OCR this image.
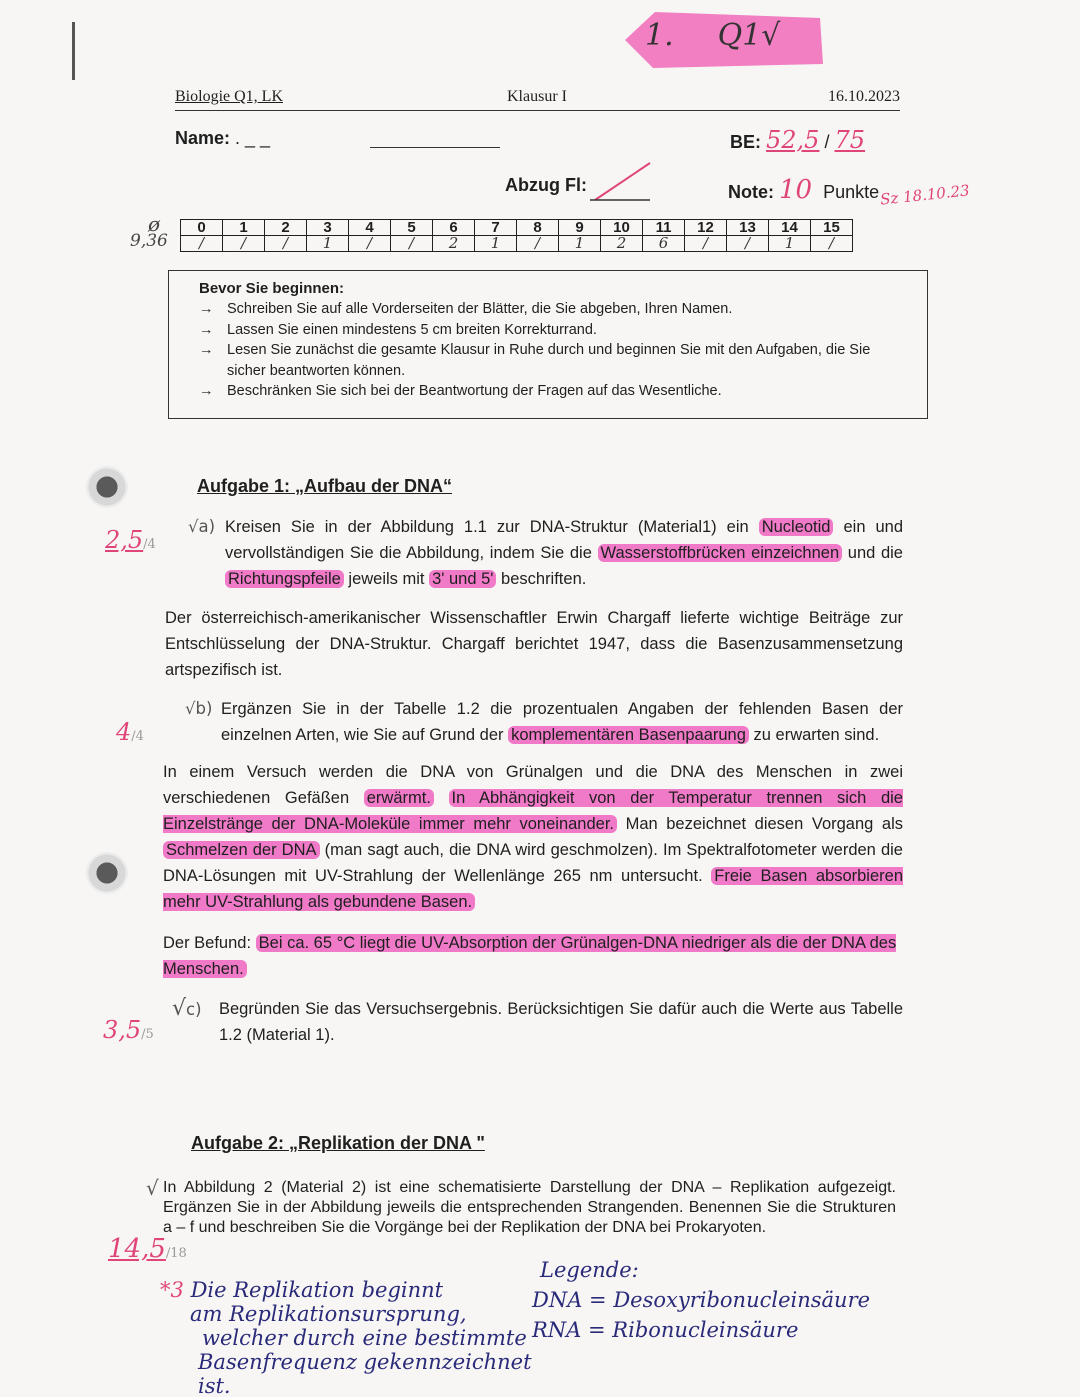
1. Q1√
Biologie Q1, LK	Klausur I	16.10.2023
Name: . _ _	BE: 52,5 / 75
Abzug Fl:	Note: 10 Punkte Sz 18.10.23
ø
9,36
0	1	2	3	4	5	6	7	8	9	10	11	12	13	14	15
/	/	/	1	/	/	2	1	/	1	2	6	/	/	1	/
Bevor Sie beginnen:
→ Schreiben Sie auf alle Vorderseiten der Blätter, die Sie abgeben, Ihren Namen.
→ Lassen Sie einen mindestens 5 cm breiten Korrekturrand.
→ Lesen Sie zunächst die gesamte Klausur in Ruhe durch und beginnen Sie mit den Aufgaben, die Sie sicher beantworten können.
→ Beschränken Sie sich bei der Beantwortung der Fragen auf das Wesentliche.
Aufgabe 1: „Aufbau der DNA“
2,5/4
√a) Kreisen Sie in der Abbildung 1.1 zur DNA-Struktur (Material1) ein Nucleotid ein und vervollständigen Sie die Abbildung, indem Sie die Wasserstoffbrücken einzeichnen und die Richtungspfeile jeweils mit 3' und 5' beschriften.
Der österreichisch-amerikanischer Wissenschaftler Erwin Chargaff lieferte wichtige Beiträge zur Entschlüsselung der DNA-Struktur. Chargaff berichtet 1947, dass die Basenzusammensetzung artspezifisch ist.
4/4
√b) Ergänzen Sie in der Tabelle 1.2 die prozentualen Angaben der fehlenden Basen der einzelnen Arten, wie Sie auf Grund der komplementären Basenpaarung zu erwarten sind.
In einem Versuch werden die DNA von Grünalgen und die DNA des Menschen in zwei verschiedenen Gefäßen erwärmt. In Abhängigkeit von der Temperatur trennen sich die Einzelstränge der DNA-Moleküle immer mehr voneinander. Man bezeichnet diesen Vorgang als Schmelzen der DNA (man sagt auch, die DNA wird geschmolzen). Im Spektralfotometer werden die DNA-Lösungen mit UV-Strahlung der Wellenlänge 265 nm untersucht. Freie Basen absorbieren mehr UV-Strahlung als gebundene Basen.
Der Befund: Bei ca. 65 °C liegt die UV-Absorption der Grünalgen-DNA niedriger als die der DNA des Menschen.
3,5/5
√c)	Begründen Sie das Versuchsergebnis. Berücksichtigen Sie dafür auch die Werte aus Tabelle 1.2 (Material 1).
Aufgabe 2: „Replikation der DNA "
√ In Abbildung 2 (Material 2) ist eine schematisierte Darstellung der DNA – Replikation aufgezeigt. Ergänzen Sie in der Abbildung jeweils die entsprechenden Strangenden. Benennen Sie die Strukturen a – f und beschreiben Sie die Vorgänge bei der Replikation der DNA bei Prokaryoten.
14,5/18
*3 Die Replikation beginnt
am Replikationsursprung,
welcher durch eine bestimmte
Basenfrequenz gekennzeichnet ist.
Legende:
DNA = Desoxyribonucleinsäure
RNA = Ribonucleinsäure
